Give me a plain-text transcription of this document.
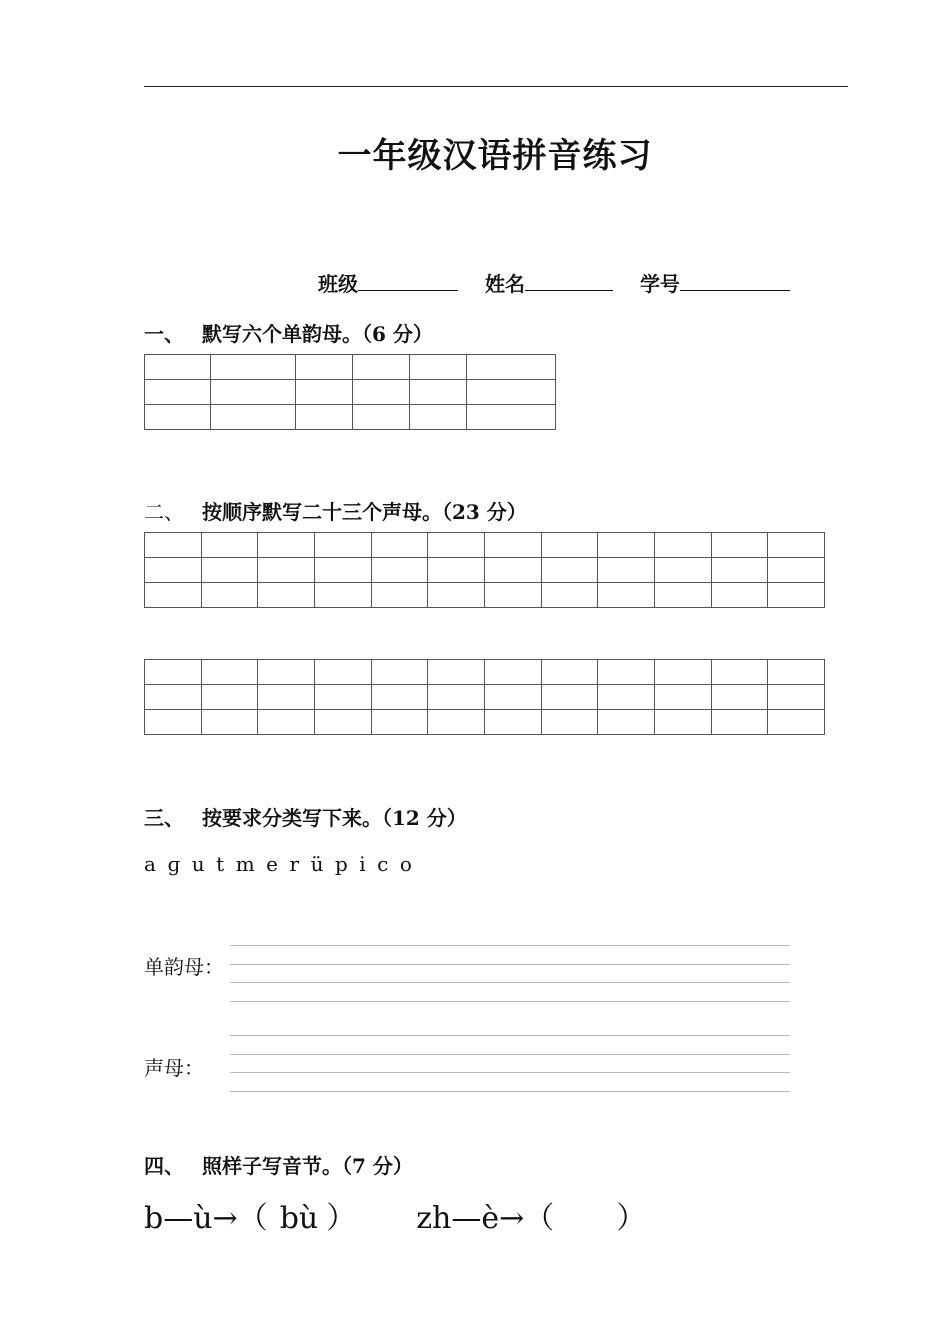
一年级汉语拼音练习
班级	姓名	学号
一、 默写六个单韵母。（6 分）

二、 按顺序默写二十三个声母。（23 分）

三、 按要求分类写下来。（12 分）
a ɡ u t m e r ü p i c o
单韵母：
声母：
四、 照样子写音节。（7 分）
b—ù→（ bù ） zh—è→（ ）
